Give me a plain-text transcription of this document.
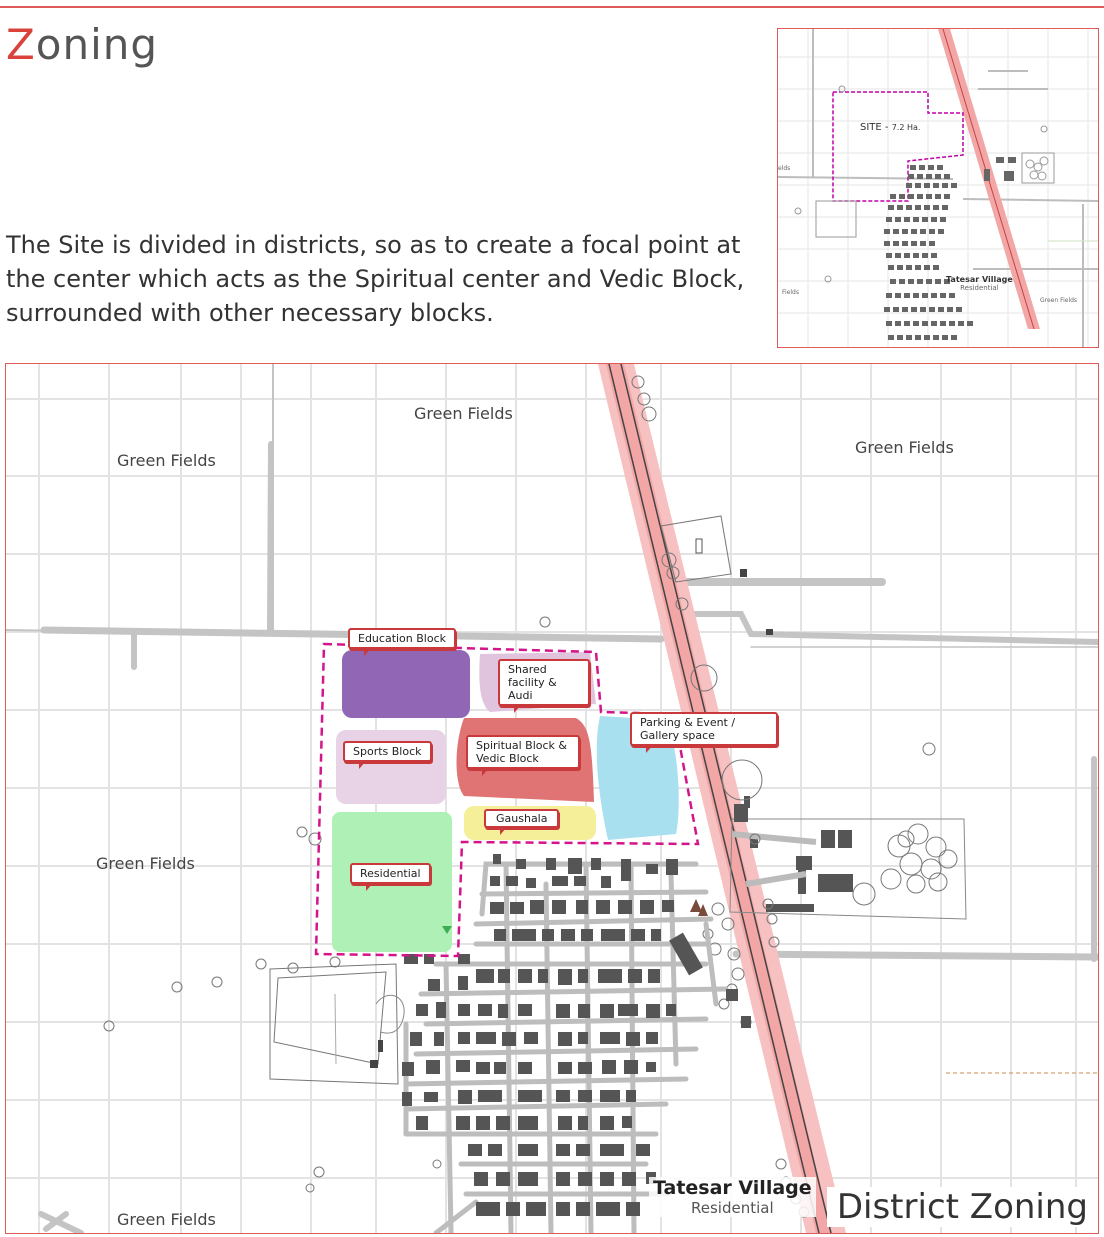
Zoning

The Site is divided in districts, so as to create a focal point at the center which acts as the Spiritual center and Vedic Block, surrounded with other necessary blocks.

SITE - 7.2 Ha.
Tatesar Village
Residential
elds
Fields
Green Fields
Green Fields
Green Fields
Green Fields
Green Fields
Green Fields
Education Block
Shared facility & Audi
Spiritual Block & Vedic Block
Sports Block
Gaushala
Residential
Parking & Event / Gallery space
Tatesar Village
Residential	District Zoning
